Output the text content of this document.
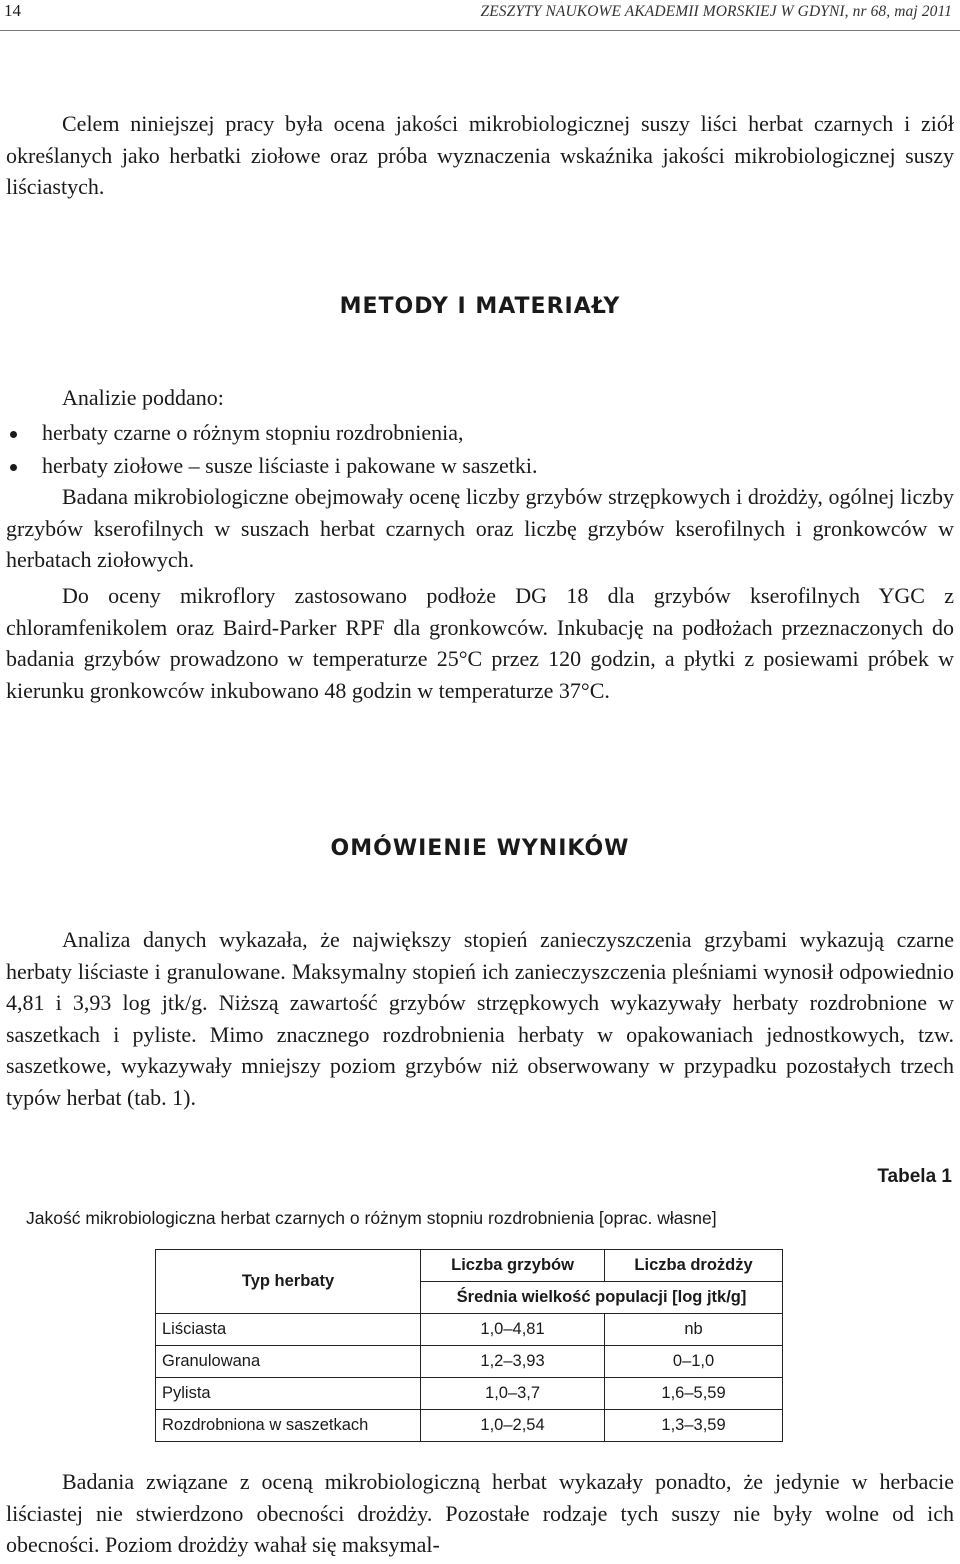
14	ZESZYTY NAUKOWE AKADEMII MORSKIEJ W GDYNI, nr 68, maj 2011

Celem niniejszej pracy była ocena jakości mikrobiologicznej suszy liści herbat czarnych i ziół określanych jako herbatki ziołowe oraz próba wyznaczenia wskaźnika jakości mikrobiologicznej suszy liściastych.

METODY I MATERIAŁY
Analizie poddano:
herbaty czarne o różnym stopniu rozdrobnienia,
herbaty ziołowe – susze liściaste i pakowane w saszetki.

Badana mikrobiologiczne obejmowały ocenę liczby grzybów strzępkowych i drożdży, ogólnej liczby grzybów kserofilnych w suszach herbat czarnych oraz liczbę grzybów kserofilnych i gronkowców w herbatach ziołowych.

Do oceny mikroflory zastosowano podłoże DG 18 dla grzybów kserofilnych YGC z chloramfenikolem oraz Baird-Parker RPF dla gronkowców. Inkubację na podłożach przeznaczonych do badania grzybów prowadzono w temperaturze 25°C przez 120 godzin, a płytki z posiewami próbek w kierunku gronkowców inkubowano 48 godzin w temperaturze 37°C.

OMÓWIENIE WYNIKÓW

Analiza danych wykazała, że największy stopień zanieczyszczenia grzybami wykazują czarne herbaty liściaste i granulowane. Maksymalny stopień ich zanieczyszczenia pleśniami wynosił odpowiednio 4,81 i 3,93 log jtk/g. Niższą zawartość grzybów strzępkowych wykazywały herbaty rozdrobnione w saszetkach i pyliste. Mimo znacznego rozdrobnienia herbaty w opakowaniach jednostkowych, tzw. saszetkowe, wykazywały mniejszy poziom grzybów niż obserwowany w przypadku pozostałych trzech typów herbat (tab. 1).

Tabela 1
Jakość mikrobiologiczna herbat czarnych o różnym stopniu rozdrobnienia [oprac. własne]
Typ herbaty	Liczba grzybów	Liczba drożdży
	Średnia wielkość populacji [log jtk/g]	
Liściasta	1,0–4,81	nb
Granulowana	1,2–3,93	0–1,0
Pylista	1,0–3,7	1,6–5,59
Rozdrobniona w saszetkach	1,0–2,54	1,3–3,59

Badania związane z oceną mikrobiologiczną herbat wykazały ponadto, że jedynie w herbacie liściastej nie stwierdzono obecności drożdży. Pozostałe rodzaje tych suszy nie były wolne od ich obecności. Poziom drożdży wahał się maksymal-
